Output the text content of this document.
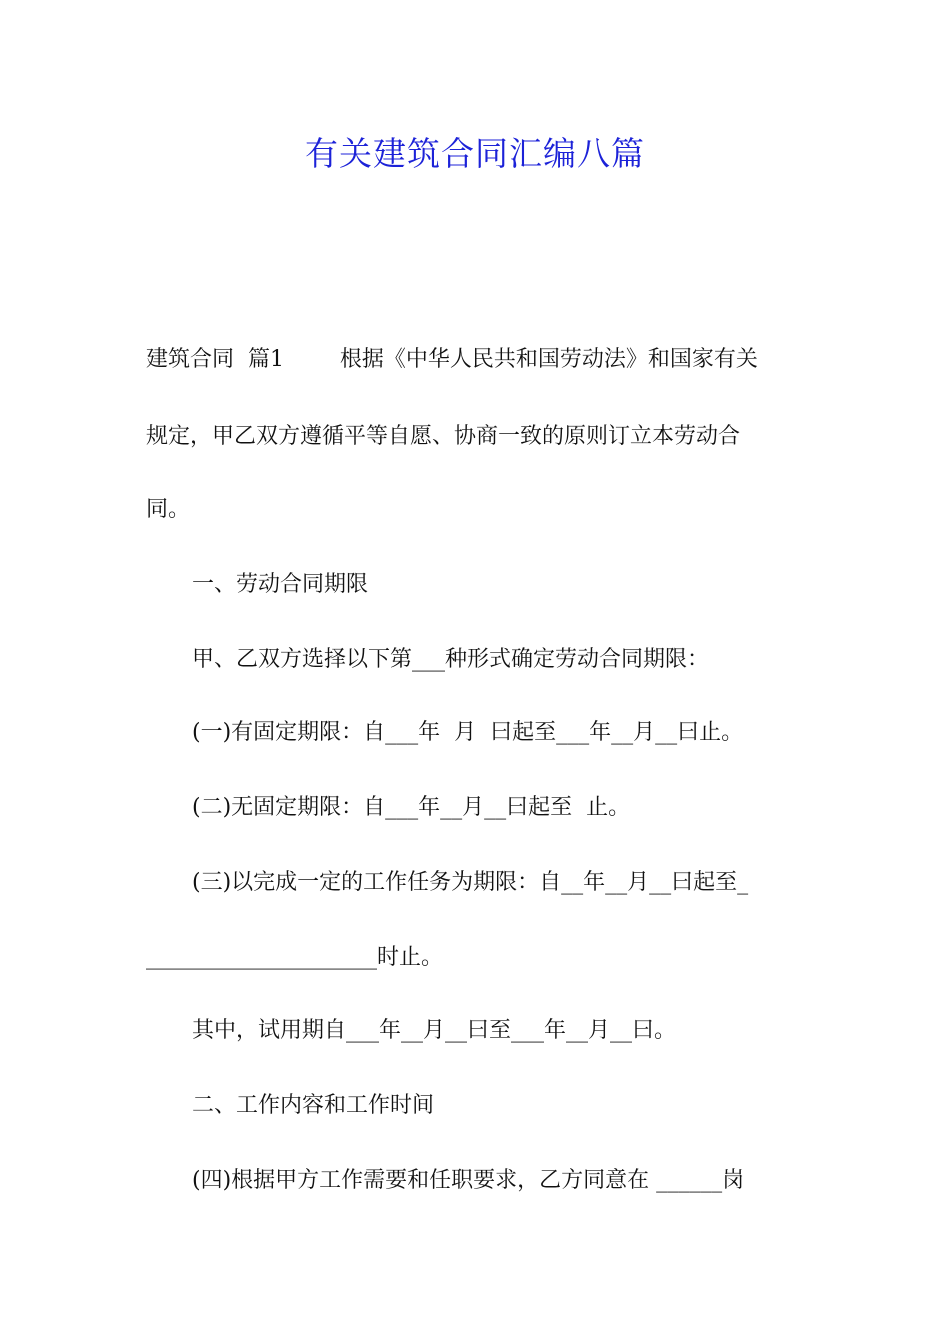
有关建筑合同汇编八篇
建筑合同  篇1        根据《中华人民共和国劳动法》和国家有关
规定，甲乙双方遵循平等自愿、协商一致的原则订立本劳动合
同。
一、劳动合同期限
甲、乙双方选择以下第___种形式确定劳动合同期限：
(一)有固定期限：自___年  月  曰起至___年__月__曰止。
(二)无固定期限：自___年__月__曰起至  止。
(三)以完成一定的工作任务为期限：自__年__月__曰起至_
_____________________时止。
其中，试用期自___年__月__曰至___年__月__曰。
二、工作内容和工作时间
(四)根据甲方工作需要和任职要求，乙方同意在 ______岗
